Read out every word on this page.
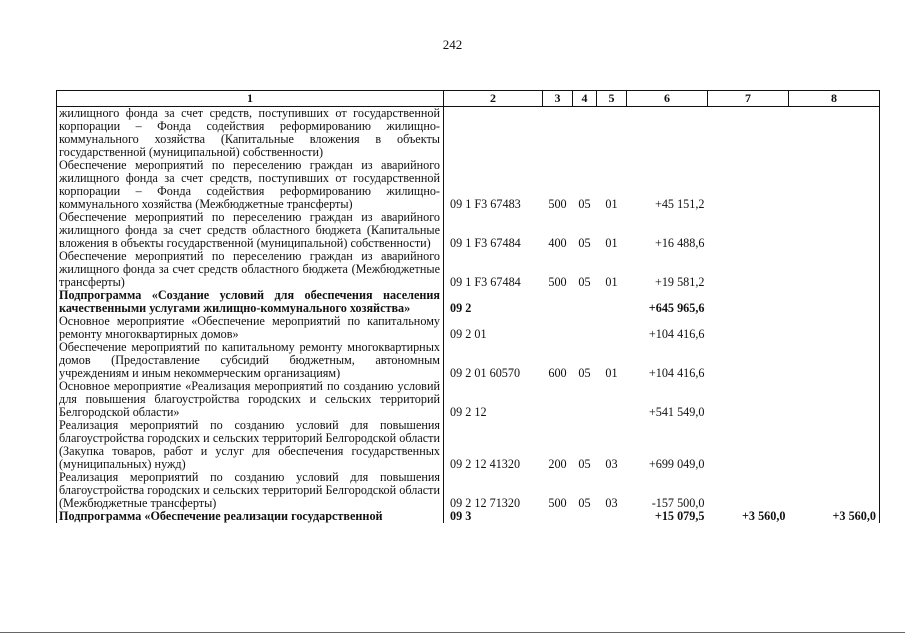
242
1	2	3	4	5	6	7	8
жилищного фонда за счет средств, поступивших от государственной корпорации – Фонда содействия реформированию жилищно-коммунального хозяйства (Капитальные вложения в объекты государственной (муниципальной) собственности)							
Обеспечение мероприятий по переселению граждан из аварийного жилищного фонда за счет средств, поступивших от государственной корпорации – Фонда содействия реформированию жилищно-коммунального хозяйства (Межбюджетные трансферты)	09 1 F3 67483	500	05	01	+45 151,2		
Обеспечение мероприятий по переселению граждан из аварийного жилищного фонда за счет средств областного бюджета (Капитальные вложения в объекты государственной (муниципальной) собственности)	09 1 F3 67484	400	05	01	+16 488,6		
Обеспечение мероприятий по переселению граждан из аварийного жилищного фонда за счет средств областного бюджета (Межбюджетные трансферты)	09 1 F3 67484	500	05	01	+19 581,2		
Подпрограмма «Создание условий для обеспечения населения качественными услугами жилищно-коммунального хозяйства»	09 2				+645 965,6		
Основное мероприятие «Обеспечение мероприятий по капитальному ремонту многоквартирных домов»	09 2 01				+104 416,6		
Обеспечение мероприятий по капитальному ремонту многоквартирных домов (Предоставление субсидий бюджетным, автономным учреждениям и иным некоммерческим организациям)	09 2 01 60570	600	05	01	+104 416,6		
Основное мероприятие «Реализация мероприятий по созданию условий для повышения благоустройства городских и сельских территорий Белгородской области»	09 2 12				+541 549,0		
Реализация мероприятий по созданию условий для повышения благоустройства городских и сельских территорий Белгородской области (Закупка товаров, работ и услуг для обеспечения государственных (муниципальных) нужд)	09 2 12 41320	200	05	03	+699 049,0		
Реализация мероприятий по созданию условий для повышения благоустройства городских и сельских территорий Белгородской области (Межбюджетные трансферты)	09 2 12 71320	500	05	03	-157 500,0		
Подпрограмма «Обеспечение реализации государственной	09 3				+15 079,5	+3 560,0	+3 560,0
